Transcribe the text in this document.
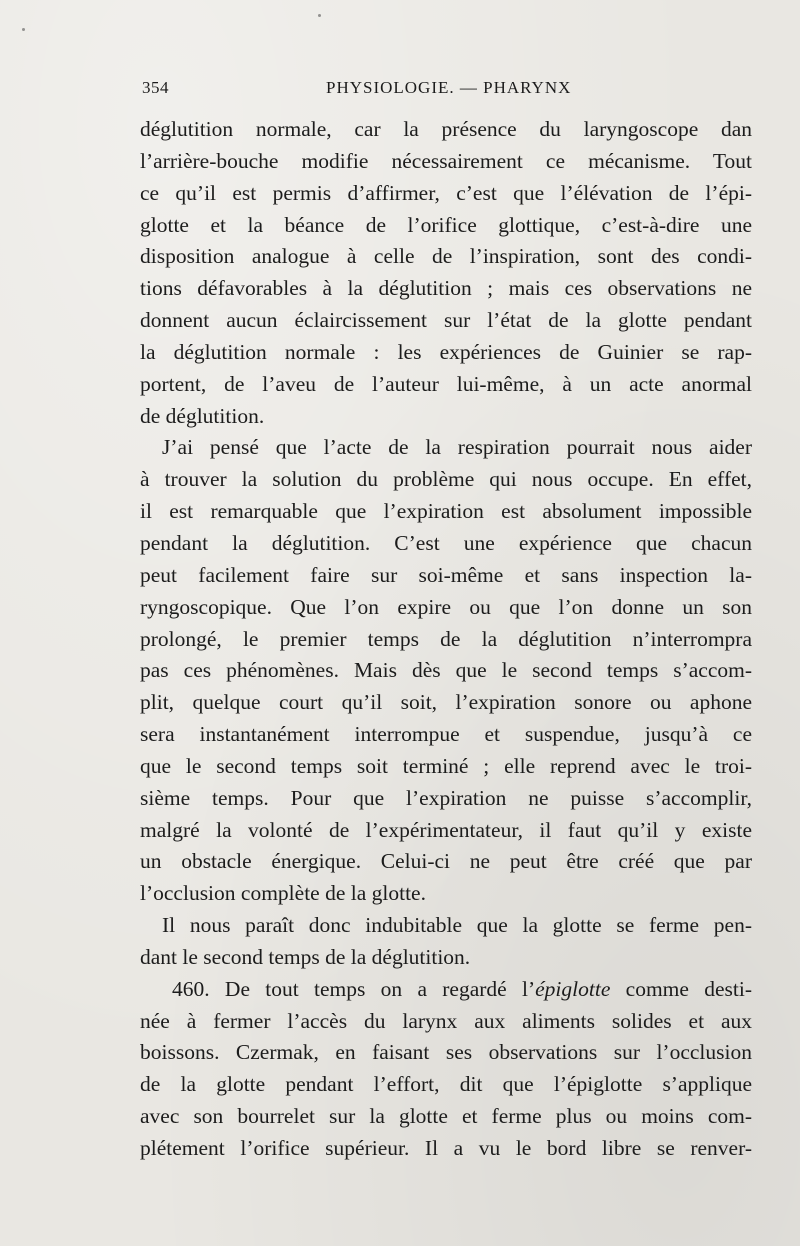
354	PHYSIOLOGIE. — PHARYNX
déglutition normale, car la présence du laryngoscope dan
l’arrière-bouche modifie nécessairement ce mécanisme. Tout
ce qu’il est permis d’affirmer, c’est que l’élévation de l’épi-
glotte et la béance de l’orifice glottique, c’est-à-dire une
disposition analogue à celle de l’inspiration, sont des condi-
tions défavorables à la déglutition ; mais ces observations ne
donnent aucun éclaircissement sur l’état de la glotte pendant
la déglutition normale : les expériences de Guinier se rap-
portent, de l’aveu de l’auteur lui-même, à un acte anormal
de déglutition.
J’ai pensé que l’acte de la respiration pourrait nous aider
à trouver la solution du problème qui nous occupe. En effet,
il est remarquable que l’expiration est absolument impossible
pendant la déglutition. C’est une expérience que chacun
peut facilement faire sur soi-même et sans inspection la-
ryngoscopique. Que l’on expire ou que l’on donne un son
prolongé, le premier temps de la déglutition n’interrompra
pas ces phénomènes. Mais dès que le second temps s’accom-
plit, quelque court qu’il soit, l’expiration sonore ou aphone
sera instantanément interrompue et suspendue, jusqu’à ce
que le second temps soit terminé ; elle reprend avec le troi-
sième temps. Pour que l’expiration ne puisse s’accomplir,
malgré la volonté de l’expérimentateur, il faut qu’il y existe
un obstacle énergique. Celui-ci ne peut être créé que par
l’occlusion complète de la glotte.
Il nous paraît donc indubitable que la glotte se ferme pen-
dant le second temps de la déglutition.
460. De tout temps on a regardé l’épiglotte comme desti-
née à fermer l’accès du larynx aux aliments solides et aux
boissons. Czermak, en faisant ses observations sur l’occlusion
de la glotte pendant l’effort, dit que l’épiglotte s’applique
avec son bourrelet sur la glotte et ferme plus ou moins com-
plétement l’orifice supérieur. Il a vu le bord libre se renver-
